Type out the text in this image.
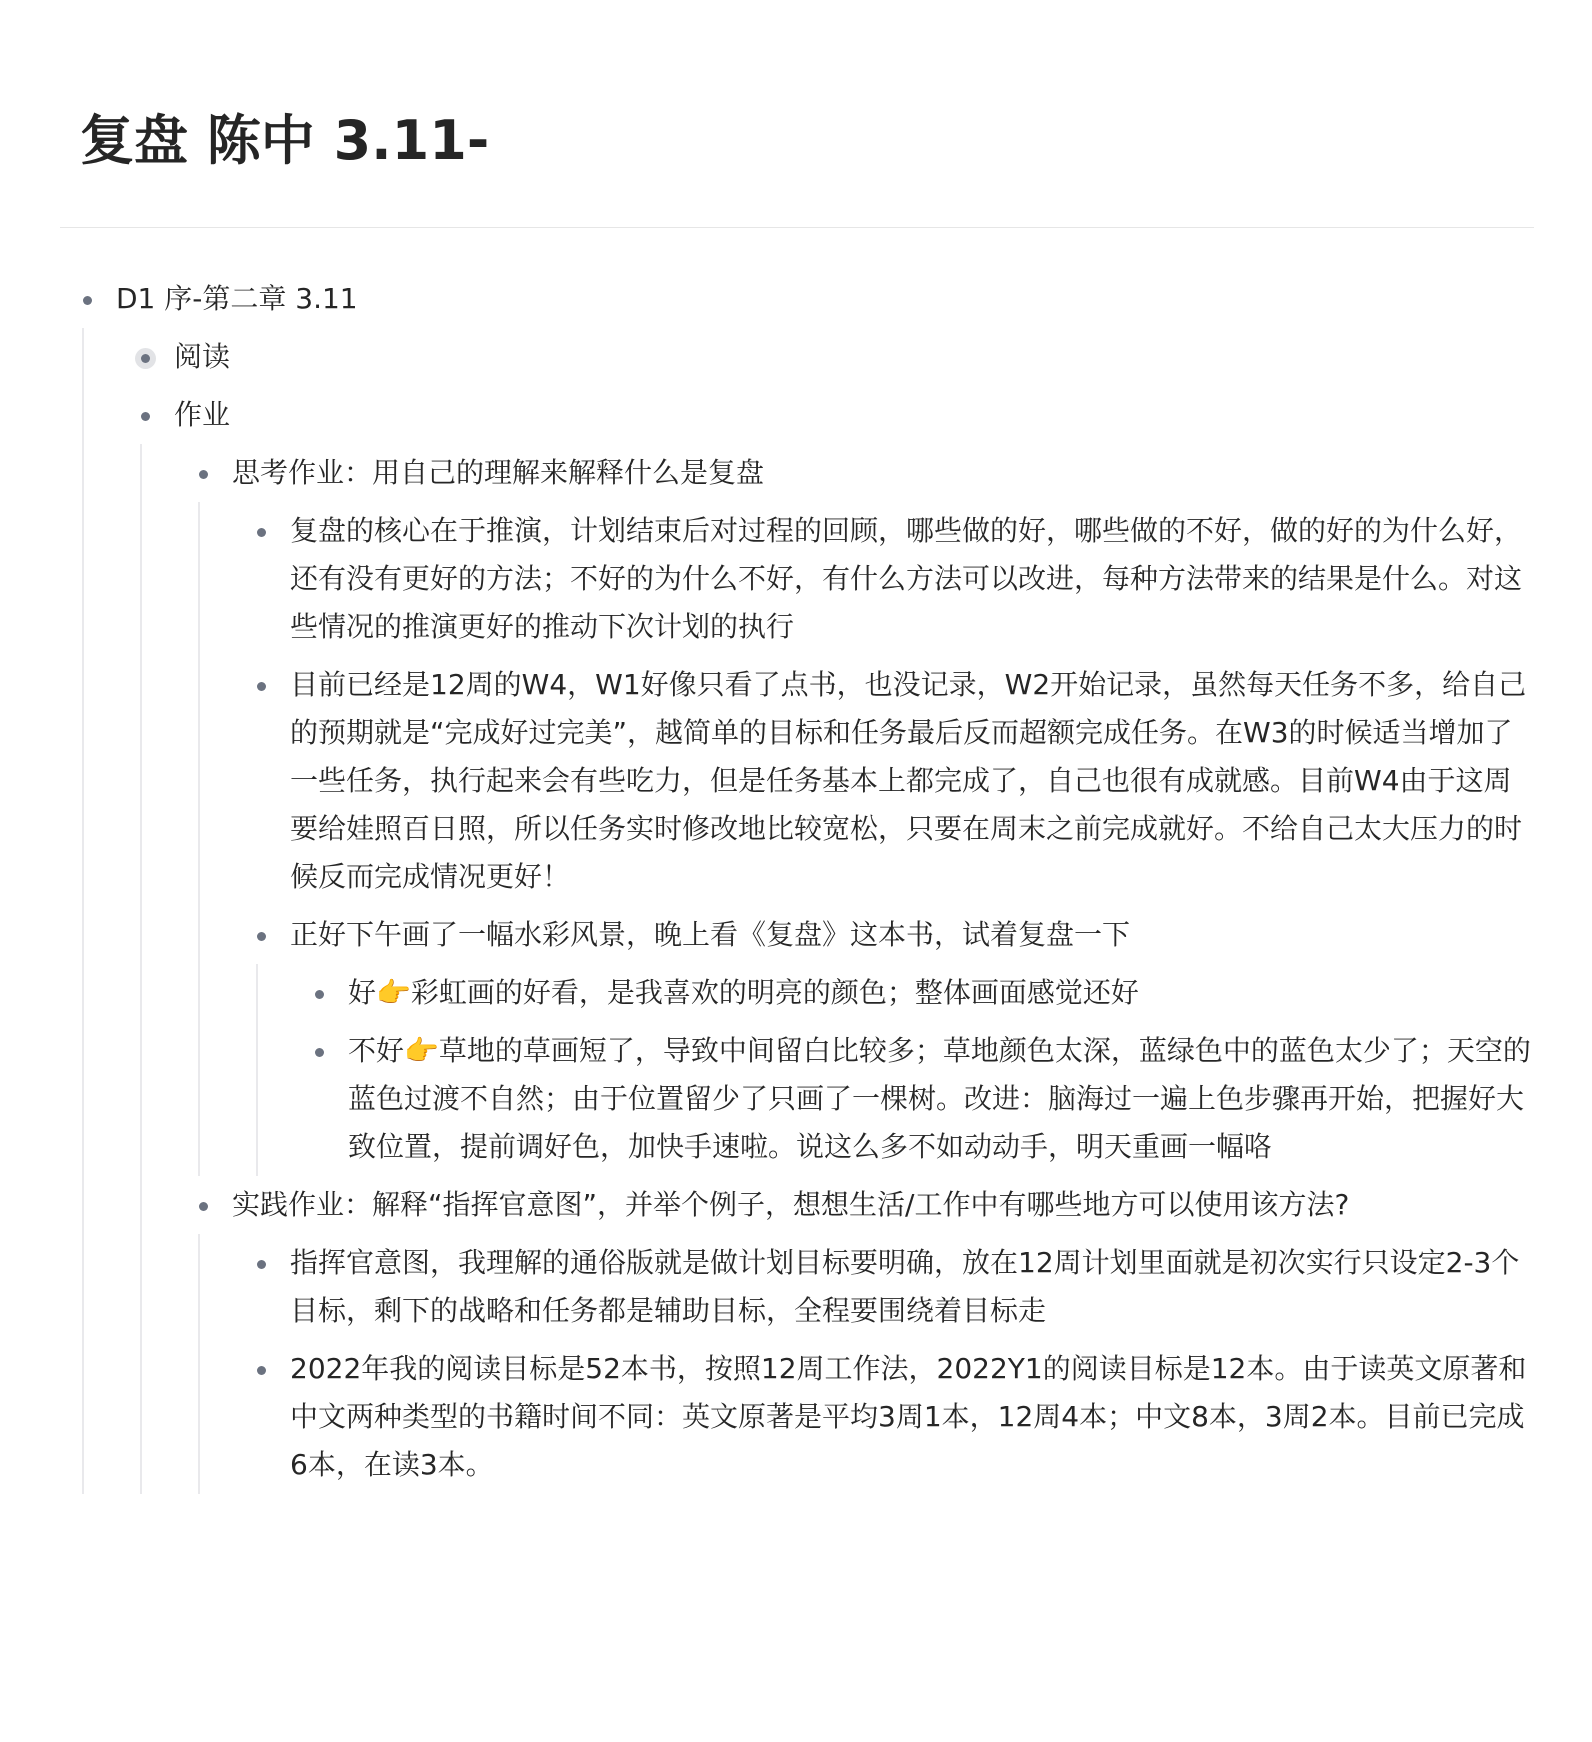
复盘 陈中 3.11-
D1 序-第二章 3.11
阅读
作业
思考作业：用自己的理解来解释什么是复盘
复盘的核心在于推演，计划结束后对过程的回顾，哪些做的好，哪些做的不好，做的好的为什么好，还有没有更好的方法；不好的为什么不好，有什么方法可以改进，每种方法带来的结果是什么。对这些情况的推演更好的推动下次计划的执行
目前已经是12周的W4，W1好像只看了点书，也没记录，W2开始记录，虽然每天任务不多，给自己的预期就是“完成好过完美”，越简单的目标和任务最后反而超额完成任务。在W3的时候适当增加了一些任务，执行起来会有些吃力，但是任务基本上都完成了，自己也很有成就感。目前W4由于这周要给娃照百日照，所以任务实时修改地比较宽松，只要在周末之前完成就好。不给自己太大压力的时候反而完成情况更好！
正好下午画了一幅水彩风景，晚上看《复盘》这本书，试着复盘一下
好👉彩虹画的好看，是我喜欢的明亮的颜色；整体画面感觉还好
不好👉草地的草画短了，导致中间留白比较多；草地颜色太深，蓝绿色中的蓝色太少了；天空的蓝色过渡不自然；由于位置留少了只画了一棵树。改进：脑海过一遍上色步骤再开始，把握好大致位置，提前调好色，加快手速啦。说这么多不如动动手，明天重画一幅咯
实践作业：解释“指挥官意图”，并举个例子，想想生活/工作中有哪些地方可以使用该方法?
指挥官意图，我理解的通俗版就是做计划目标要明确，放在12周计划里面就是初次实行只设定2-3个目标，剩下的战略和任务都是辅助目标，全程要围绕着目标走
2022年我的阅读目标是52本书，按照12周工作法，2022Y1的阅读目标是12本。由于读英文原著和中文两种类型的书籍时间不同：英文原著是平均3周1本，12周4本；中文8本，3周2本。目前已完成6本，在读3本。
